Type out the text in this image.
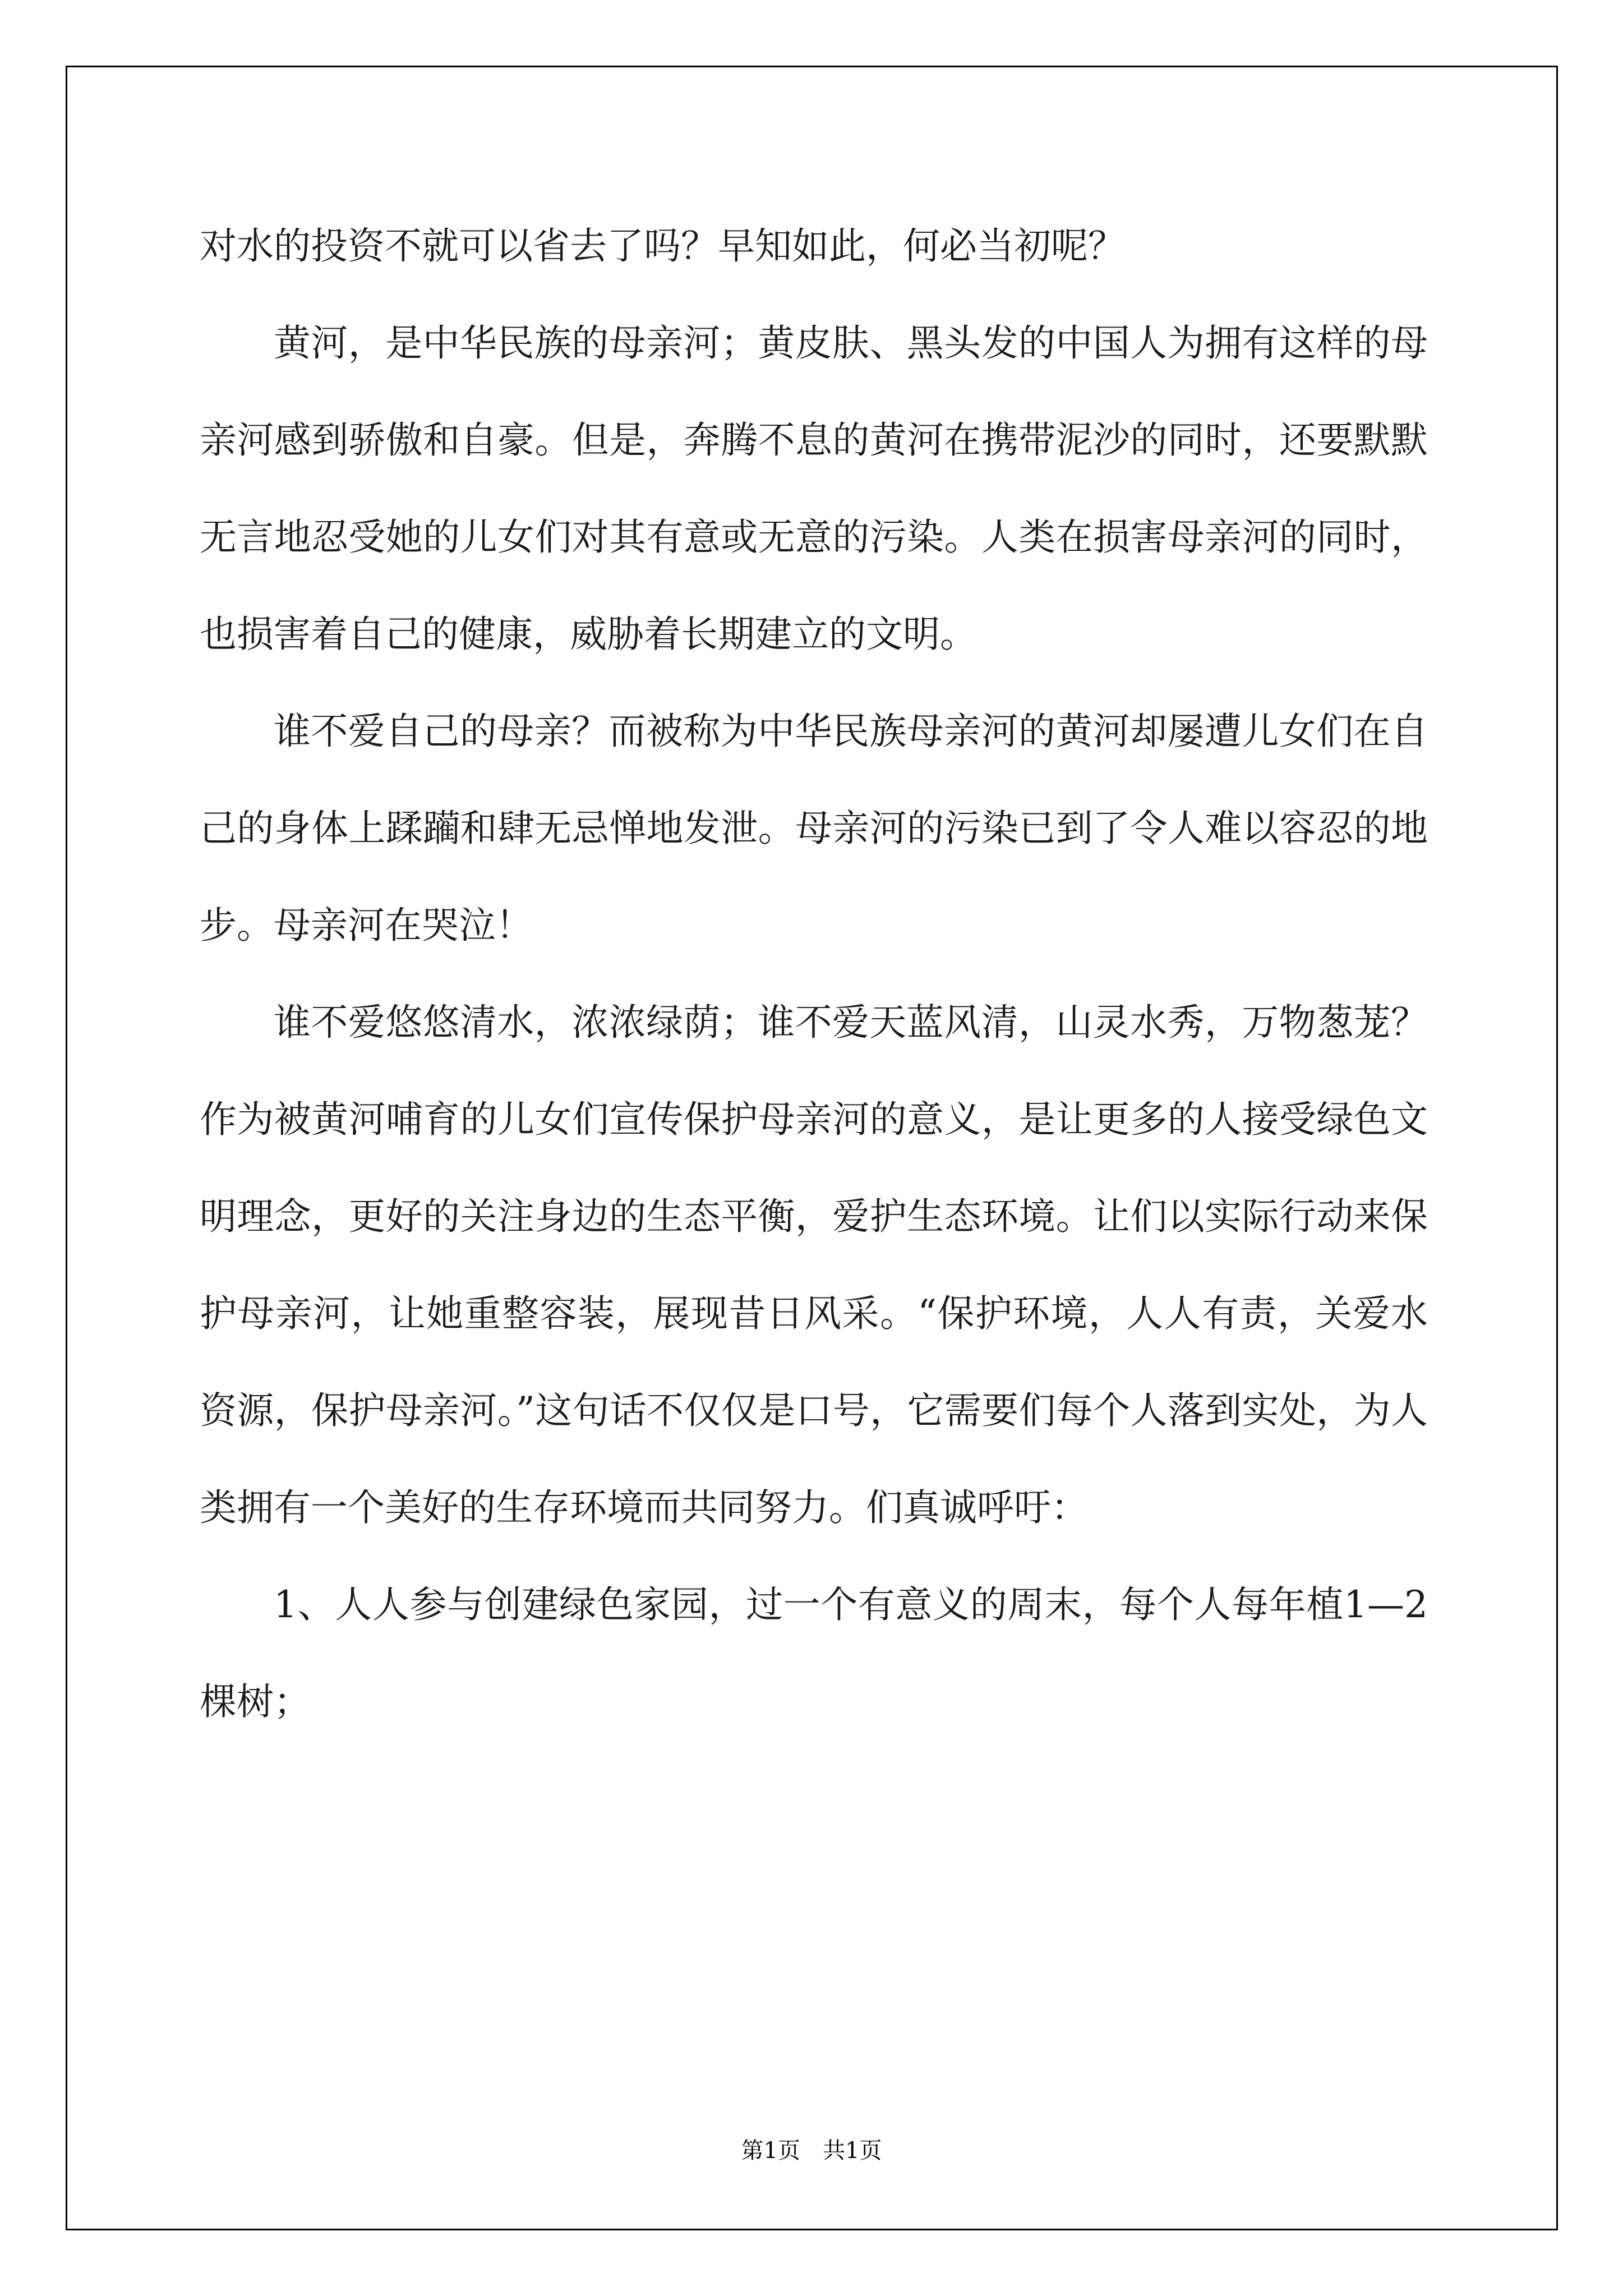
对水的投资不就可以省去了吗？早知如此，何必当初呢？

黄河，是中华民族的母亲河；黄皮肤、黑头发的中国人为拥有这样的母亲河感到骄傲和自豪。但是，奔腾不息的黄河在携带泥沙的同时，还要默默无言地忍受她的儿女们对其有意或无意的污染。人类在损害母亲河的同时，也损害着自己的健康，威胁着长期建立的文明。

谁不爱自己的母亲？而被称为中华民族母亲河的黄河却屡遭儿女们在自己的身体上蹂躏和肆无忌惮地发泄。母亲河的污染已到了令人难以容忍的地步。母亲河在哭泣！

谁不爱悠悠清水，浓浓绿荫；谁不爱天蓝风清，山灵水秀，万物葱茏？作为被黄河哺育的儿女们宣传保护母亲河的意义，是让更多的人接受绿色文明理念，更好的关注身边的生态平衡，爱护生态环境。让们以实际行动来保护母亲河，让她重整容装，展现昔日风采。“保护环境，人人有责，关爱水资源，保护母亲河。”这句话不仅仅是口号，它需要们每个人落到实处，为人类拥有一个美好的生存环境而共同努力。们真诚呼吁：

1、人人参与创建绿色家园，过一个有意义的周末，每个人每年植1—2棵树；

第1页　共1页
